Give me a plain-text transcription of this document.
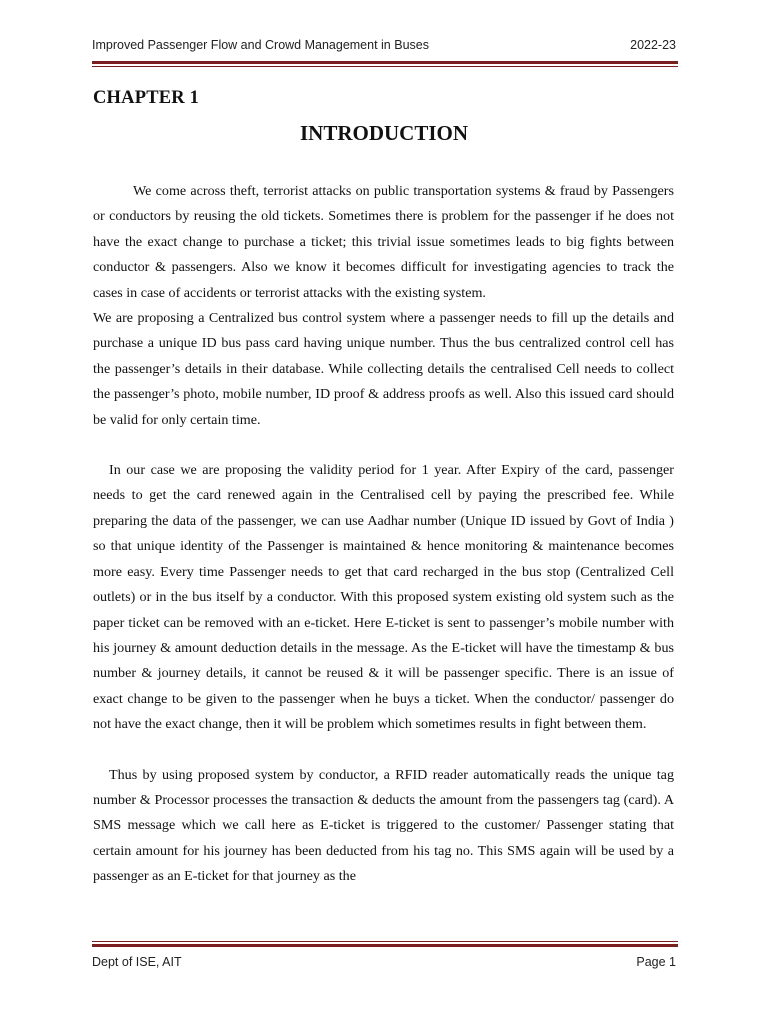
Improved Passenger Flow and Crowd Management in Buses	2022-23
CHAPTER 1
INTRODUCTION

We come across theft, terrorist attacks on public transportation systems & fraud by Passengers or conductors by reusing the old tickets. Sometimes there is problem for the passenger if he does not have the exact change to purchase a ticket; this trivial issue sometimes leads to big fights between conductor & passengers. Also we know it becomes difficult for investigating agencies to track the cases in case of accidents or terrorist attacks with the existing system.

We are proposing a Centralized bus control system where a passenger needs to fill up the details and purchase a unique ID bus pass card having unique number. Thus the bus centralized control cell has the passenger’s details in their database. While collecting details the centralised Cell needs to collect the passenger’s photo, mobile number, ID proof & address proofs as well. Also this issued card should be valid for only certain time.

In our case we are proposing the validity period for 1 year. After Expiry of the card, passenger needs to get the card renewed again in the Centralised cell by paying the prescribed fee. While preparing the data of the passenger, we can use Aadhar number (Unique ID issued by Govt of India ) so that unique identity of the Passenger is maintained & hence monitoring & maintenance becomes more easy. Every time Passenger needs to get that card recharged in the bus stop (Centralized Cell outlets) or in the bus itself by a conductor. With this proposed system existing old system such as the paper ticket can be removed with an e-ticket. Here E-ticket is sent to passenger’s mobile number with his journey & amount deduction details in the message. As the E-ticket will have the timestamp & bus number & journey details, it cannot be reused & it will be passenger specific. There is an issue of exact change to be given to the passenger when he buys a ticket. When the conductor/ passenger do not have the exact change, then it will be problem which sometimes results in fight between them.

Thus by using proposed system by conductor, a RFID reader automatically reads the unique tag number & Processor processes the transaction & deducts the amount from the passengers tag (card). A SMS message which we call here as E-ticket is triggered to the customer/ Passenger stating that certain amount for his journey has been deducted from his tag no. This SMS again will be used by a passenger as an E-ticket for that journey as the

Dept of ISE, AIT	Page 1
